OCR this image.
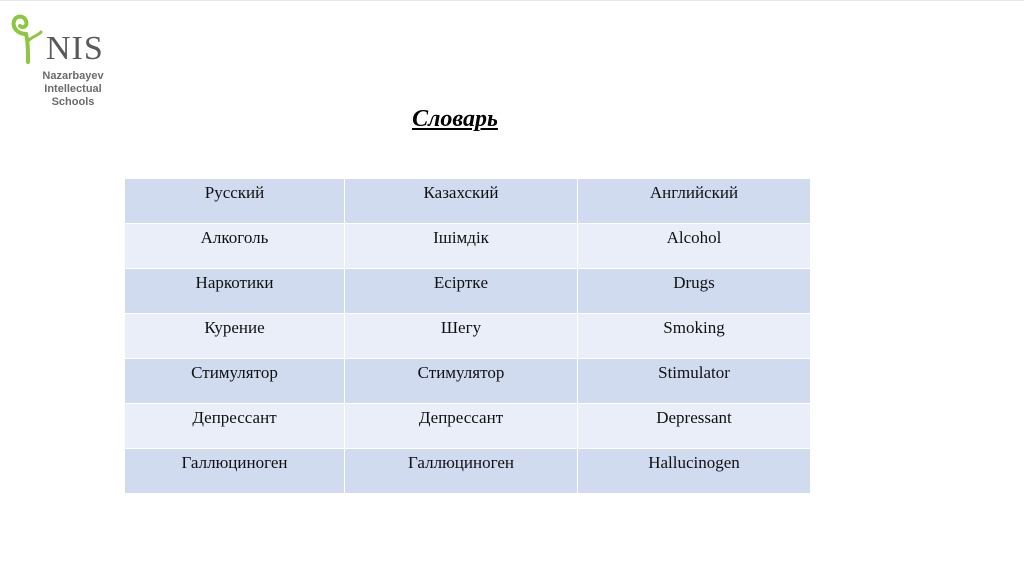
NIS
Nazarbayev
Intellectual
Schools
Словарь
Русский	Казахский	Английский
Алкоголь	Ішімдік	Alcohol
Наркотики	Есірткe	Drugs
Курение	Шегу	Smoking
Стимулятор	Стимулятор	Stimulator
Депрессант	Депрессант	Depressant
Галлюциноген	Галлюциноген	Hallucinogen
